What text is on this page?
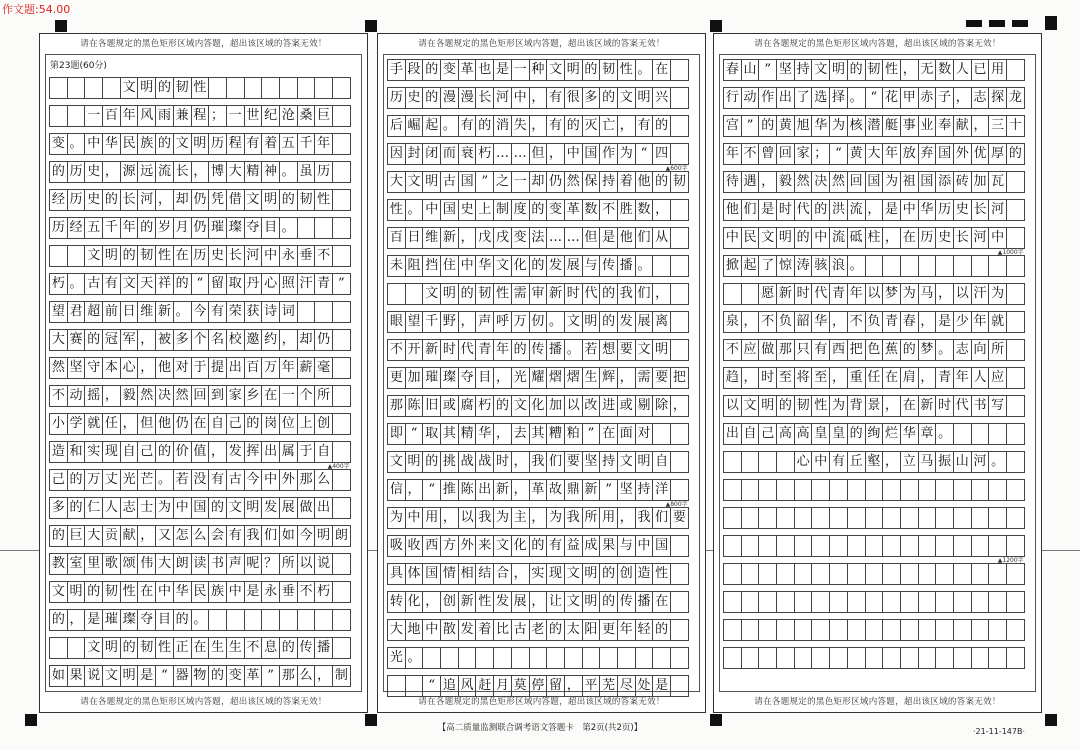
作文题:54.00
请在各题规定的黑色矩形区域内答题，超出该区域的答案无效！
第23题(60分)
文 明 的 韧 性
一 百 年 风 雨 兼 程 ； 一 世 纪 沧 桑 巨
变 。 中 华 民 族 的 文 明 历 程 有 着 五 千 年
的 历 史 ， 源 远 流 长 ， 博 大 精 神 。 虽 历
经 历 史 的 长 河 ， 却 仍 凭 借 文 明 的 韧 性
历 经 五 千 年 的 岁 月 仍 璀 璨 夺 目 。
文 明 的 韧 性 在 历 史 长 河 中 永 垂 不
朽 。 古 有 文 天 祥 的 “ 留 取 丹 心 照 汗 青 ”
望 君 超 前 日 维 新 。 今 有 荣 获 诗 词
大 赛 的 冠 军 ， 被 多 个 名 校 邀 约 ， 却 仍
然 坚 守 本 心 ， 他 对 于 提 出 百 万 年 薪 毫
不 动 摇 ， 毅 然 决 然 回 到 家 乡 在 一 个 所
小 学 就 任 ， 但 他 仍 在 自 己 的 岗 位 上 创
造 和 实 现 自 己 的 价 值 ， 发 挥 出 属 于 自
▲400字
己 的 万 丈 光 芒 。 若 没 有 古 今 中 外 那 么
多 的 仁 人 志 士 为 中 国 的 文 明 发 展 做 出
的 巨 大 贡 献 ， 又 怎 么 会 有 我 们 如 今 明 朗
教 室 里 歌 颂 伟 大 朗 读 书 声 呢 ？ 所 以 说
文 明 的 韧 性 在 中 华 民 族 中 是 永 垂 不 朽
的 ， 是 璀 璨 夺 目 的 。
文 明 的 韧 性 正 在 生 生 不 息 的 传 播
如 果 说 文 明 是 “ 器 物 的 变 革 ” 那 么 ， 制
请在各题规定的黑色矩形区域内答题，超出该区域的答案无效！
请在各题规定的黑色矩形区域内答题，超出该区域的答案无效！
手 段 的 变 革 也 是 一 种 文 明 的 韧 性 。 在
历 史 的 漫 漫 长 河 中 ， 有 很 多 的 文 明 兴
后 崛 起 。 有 的 消 失 ， 有 的 灭 亡 ， 有 的
因 封 闭 而 衰 朽 … … 但 ， 中 国 作 为 “ 四
▲600字
大 文 明 古 国 ” 之 一 却 仍 然 保 持 着 他 的 韧
性 。 中 国 史 上 制 度 的 变 革 数 不 胜 数 ，
百 日 维 新 ， 戊 戌 变 法 … … 但 是 他 们 从
未 阻 挡 住 中 华 文 化 的 发 展 与 传 播 。
文 明 的 韧 性 需 审 新 时 代 的 我 们 ，
眼 望 千 野 ， 声 呼 万 仞 。 文 明 的 发 展 离
不 开 新 时 代 青 年 的 传 播 。 若 想 要 文 明
更 加 璀 璨 夺 目 ， 光 耀 熠 熠 生 辉 ， 需 要 把
那 陈 旧 或 腐 朽 的 文 化 加 以 改 进 或 剔 除 ，
即 “ 取 其 精 华 ， 去 其 糟 粕 ” 在 面 对
文 明 的 挑 战 战 时 ， 我 们 要 坚 持 文 明 自
信 ， “ 推 陈 出 新 ， 革 故 鼎 新 ” 坚 持 洋
▲800字
为 中 用 ， 以 我 为 主 ， 为 我 所 用 ， 我 们 要
吸 收 西 方 外 来 文 化 的 有 益 成 果 与 中 国
具 体 国 情 相 结 合 ， 实 现 文 明 的 创 造 性
转 化 ， 创 新 性 发 展 ， 让 文 明 的 传 播 在
大 地 中 散 发 着 比 古 老 的 太 阳 更 年 轻 的
光 。
“ 追 风 赶 月 莫 停 留 ， 平 芜 尽 处 是
请在各题规定的黑色矩形区域内答题，超出该区域的答案无效！
请在各题规定的黑色矩形区域内答题，超出该区域的答案无效！
春 山 ” 坚 持 文 明 的 韧 性 ， 无 数 人 已 用
行 动 作 出 了 选 择 。 “ 花 甲 赤 子 ， 志 探 龙
宫 ” 的 黄 旭 华 为 核 潜 艇 事 业 奉 献 ， 三 十
年 不 曾 回 家 ； “ 黄 大 年 放 弃 国 外 优 厚 的
待 遇 ， 毅 然 决 然 回 国 为 祖 国 添 砖 加 瓦
他 们 是 时 代 的 洪 流 ， 是 中 华 历 史 长 河
中 民 文 明 的 中 流 砥 柱 ， 在 历 史 长 河 中
▲1000字
掀 起 了 惊 涛 骇 浪 。
愿 新 时 代 青 年 以 梦 为 马 ， 以 汗 为
泉 ， 不 负 韶 华 ， 不 负 青 春 ， 是 少 年 就
不 应 做 那 只 有 西 把 色 蕉 的 梦 。 志 向 所
趋 ， 时 至 将 至 ， 重 任 在 肩 ， 青 年 人 应
以 文 明 的 韧 性 为 背 景 ， 在 新 时 代 书 写
出 自 己 高 高 皇 皇 的 绚 烂 华 章 。
心 中 有 丘 壑 ， 立 马 振 山 河 。
▲1200字
请在各题规定的黑色矩形区域内答题，超出该区域的答案无效！
【高二质量监测联合调考语文答题卡　第2页(共2页)】	·21-11-147B·
